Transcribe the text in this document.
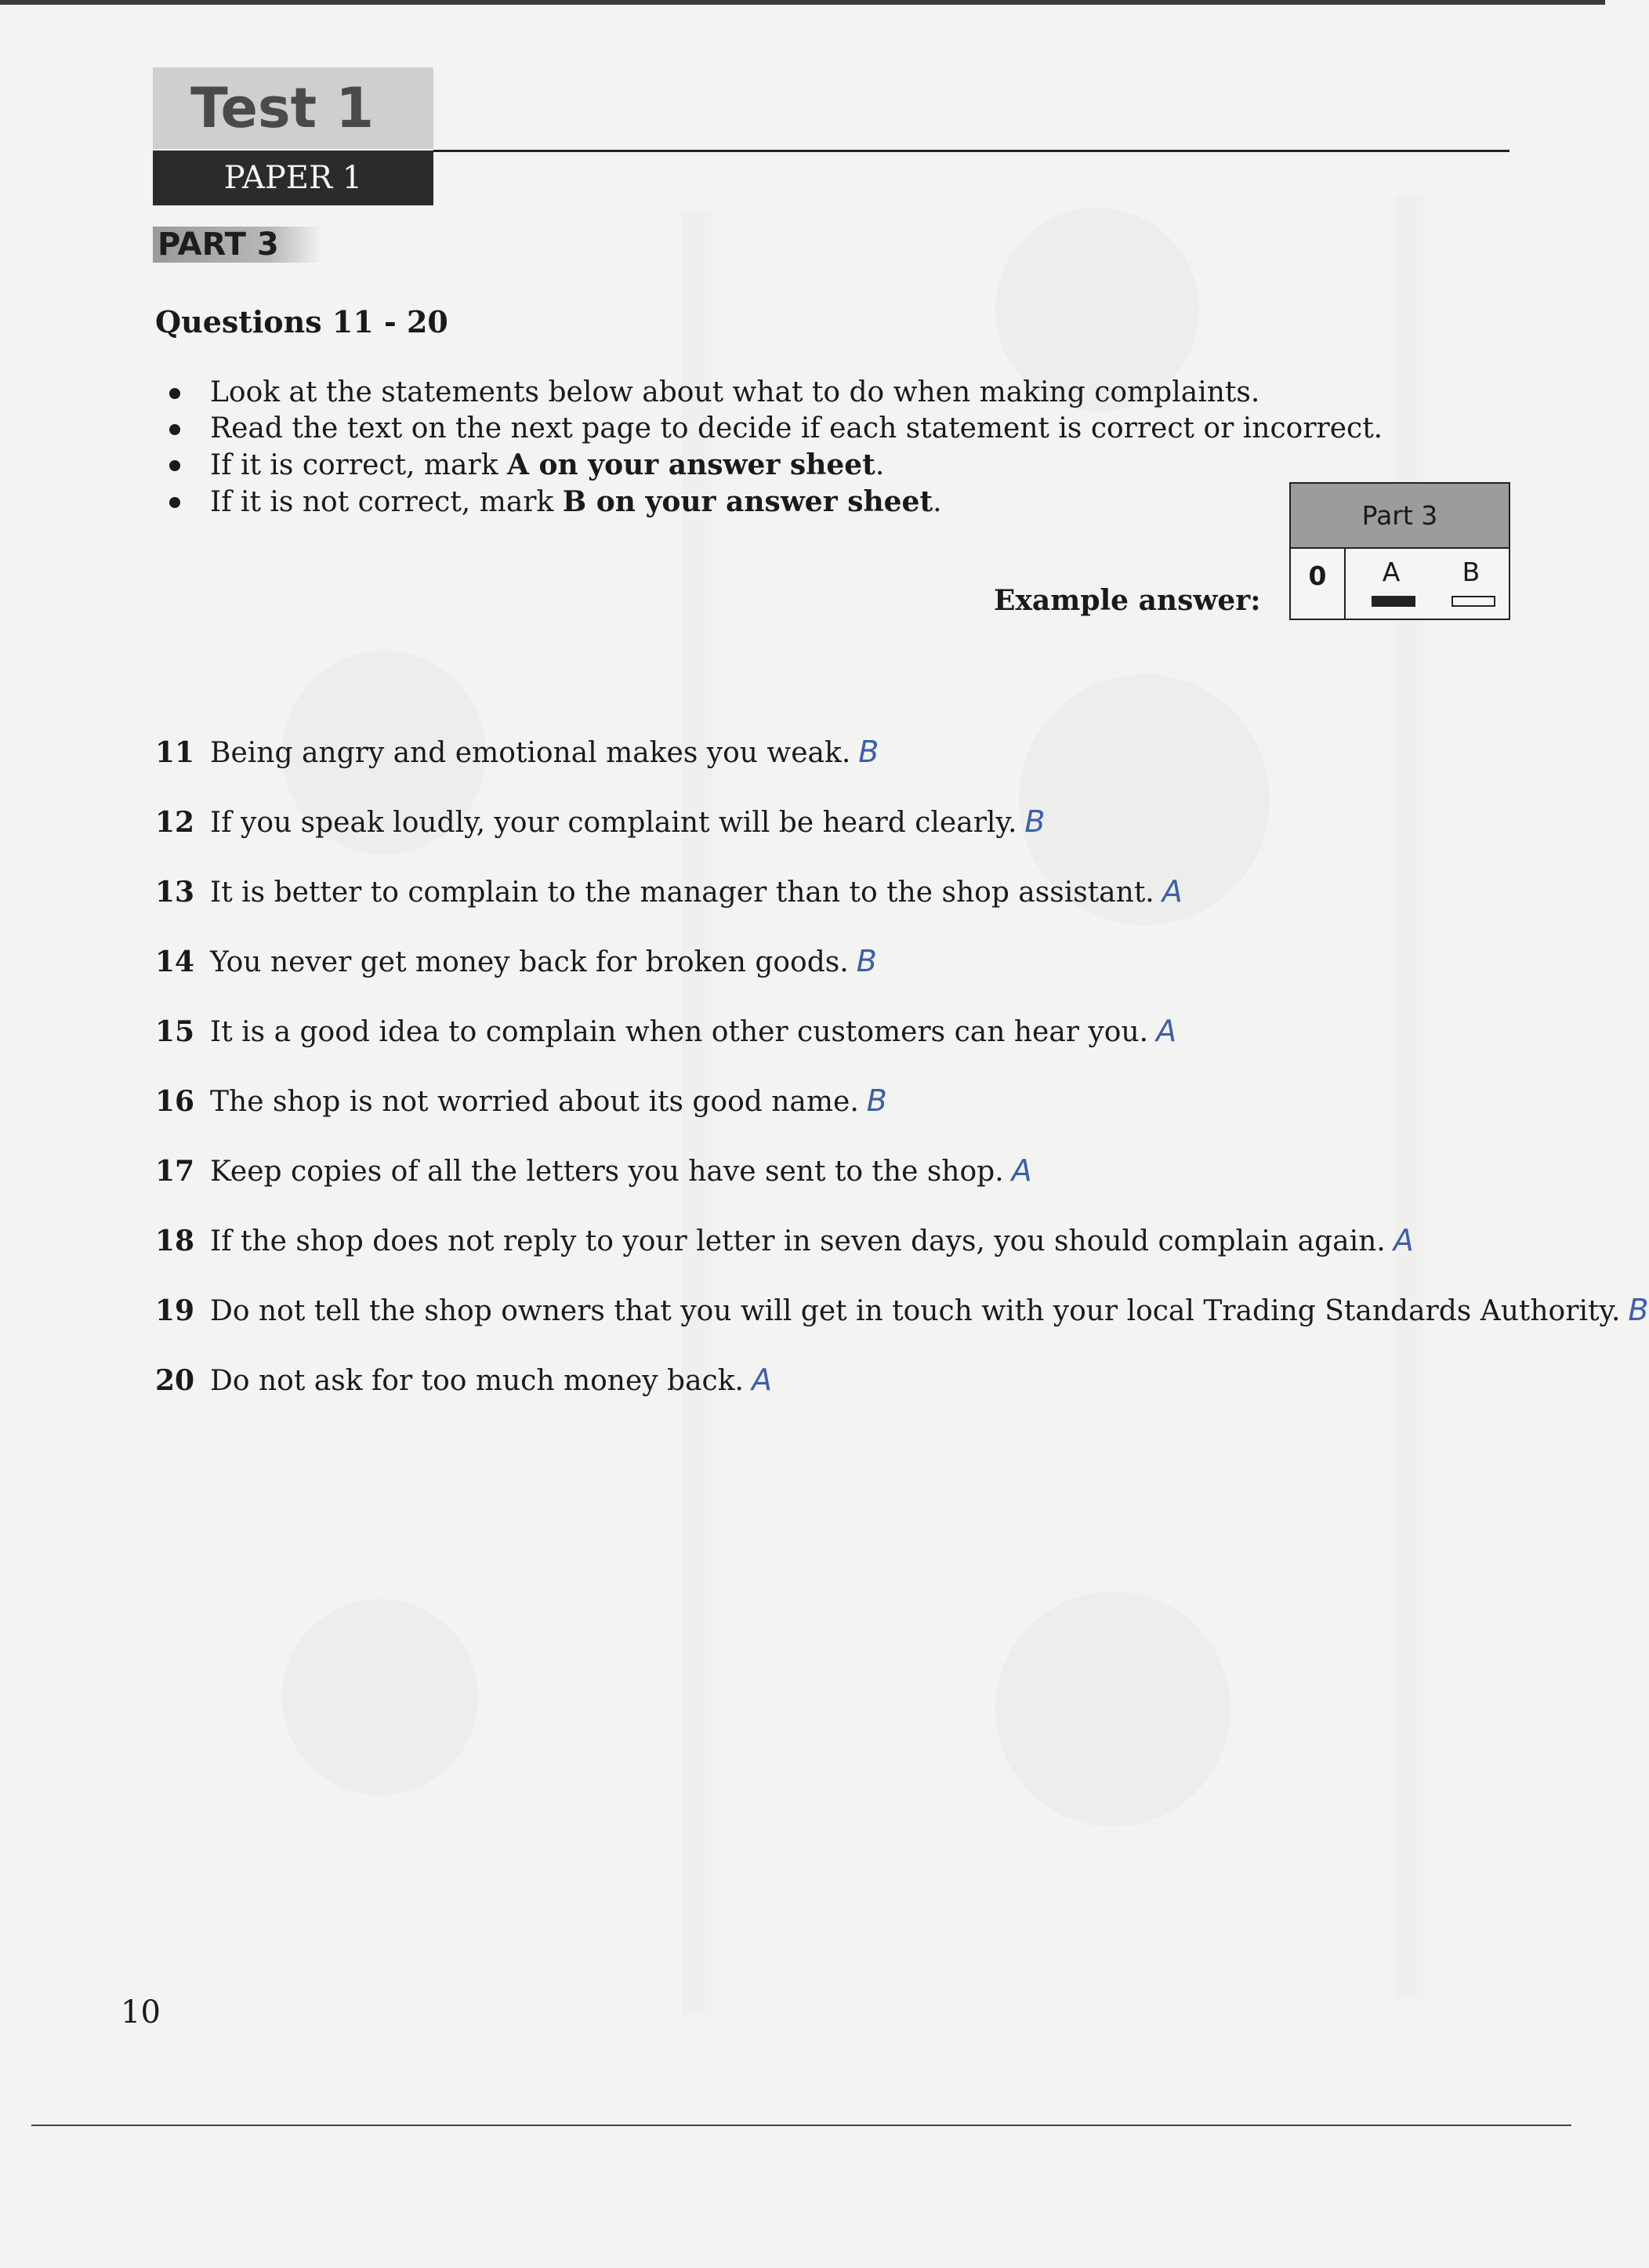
Test 1
PAPER 1
PART 3
Questions 11 - 20
Look at the statements below about what to do when making complaints.
Read the text on the next page to decide if each statement is correct or incorrect.
If it is correct, mark A on your answer sheet.
If it is not correct, mark B on your answer sheet.
Example answer:
Part 3
0	A	B
11 Being angry and emotional makes you weak. B
12 If you speak loudly, your complaint will be heard clearly. B
13 It is better to complain to the manager than to the shop assistant. A
14 You never get money back for broken goods. B
15 It is a good idea to complain when other customers can hear you. A
16 The shop is not worried about its good name. B
17 Keep copies of all the letters you have sent to the shop. A
18 If the shop does not reply to your letter in seven days, you should complain again. A
19 Do not tell the shop owners that you will get in touch with your local Trading Standards Authority. B
20 Do not ask for too much money back. A
10
